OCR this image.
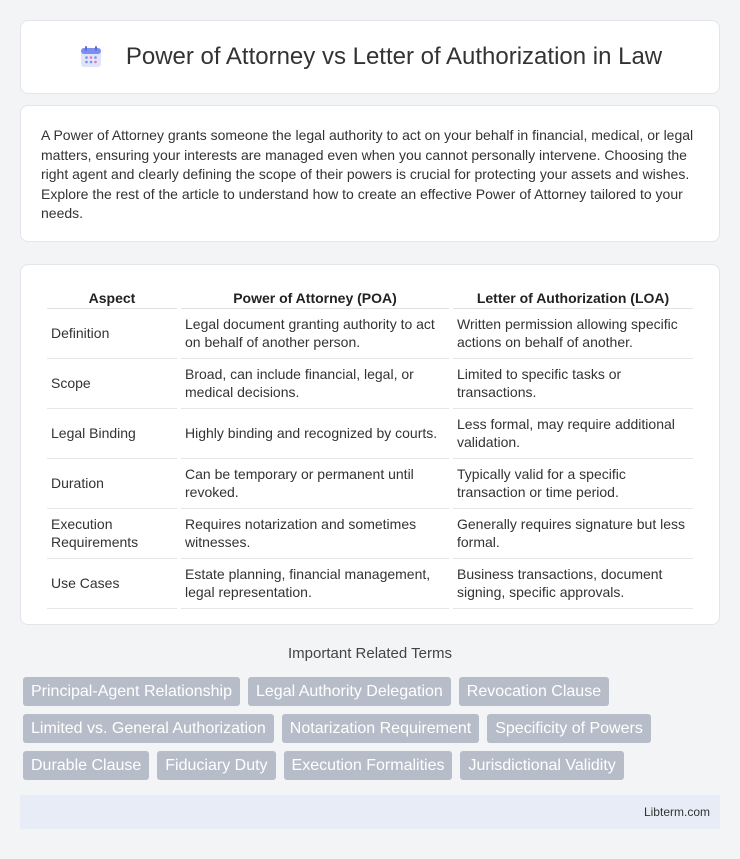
Power of Attorney vs Letter of Authorization in Law

A Power of Attorney grants someone the legal authority to act on your behalf in financial, medical, or legal matters, ensuring your interests are managed even when you cannot personally intervene. Choosing the right agent and clearly defining the scope of their powers is crucial for protecting your assets and wishes. Explore the rest of the article to understand how to create an effective Power of Attorney tailored to your needs.

Aspect	Power of Attorney (POA)	Letter of Authorization (LOA)
Definition	Legal document granting authority to act on behalf of another person.	Written permission allowing specific actions on behalf of another.
Scope	Broad, can include financial, legal, or medical decisions.	Limited to specific tasks or transactions.
Legal Binding	Highly binding and recognized by courts.	Less formal, may require additional validation.
Duration	Can be temporary or permanent until revoked.	Typically valid for a specific transaction or time period.
Execution Requirements	Requires notarization and sometimes witnesses.	Generally requires signature but less formal.
Use Cases	Estate planning, financial management, legal representation.	Business transactions, document signing, specific approvals.
Important Related Terms
Principal-Agent Relationship	Legal Authority Delegation	Revocation Clause
Limited vs. General Authorization	Notarization Requirement	Specificity of Powers
Durable Clause	Fiduciary Duty	Execution Formalities	Jurisdictional Validity
Libterm.com
